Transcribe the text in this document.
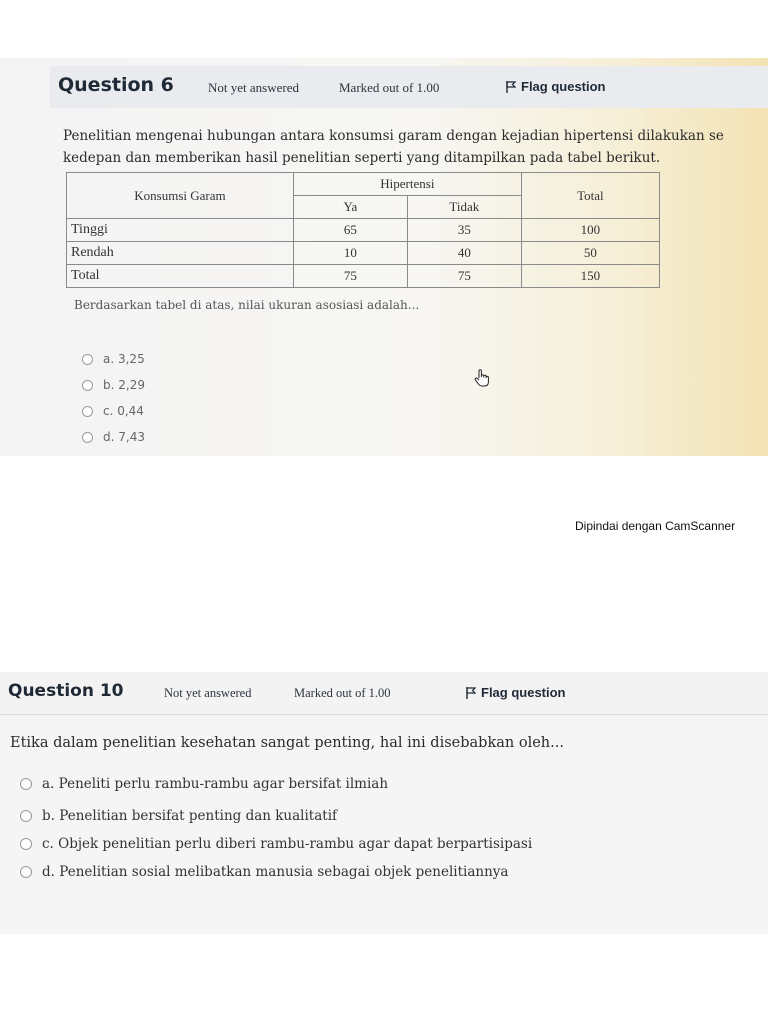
Question 6	Not yet answered	Marked out of 1.00	Flag question
Penelitian mengenai hubungan antara konsumsi garam dengan kejadian hipertensi dilakukan se
kedepan dan memberikan hasil penelitian seperti yang ditampilkan pada tabel berikut.
Konsumsi Garam	Hipertensi		Total
	Ya	Tidak	
Tinggi	65	35	100
Rendah	10	40	50
Total	75	75	150
Berdasarkan tabel di atas, nilai ukuran asosiasi adalah...
a. 3,25
b. 2,29
c. 0,44
d. 7,43
Dipindai dengan CamScanner
Question 10	Not yet answered	Marked out of 1.00	Flag question
Etika dalam penelitian kesehatan sangat penting, hal ini disebabkan oleh...
a. Peneliti perlu rambu-rambu agar bersifat ilmiah
b. Penelitian bersifat penting dan kualitatif
c. Objek penelitian perlu diberi rambu-rambu agar dapat berpartisipasi
d. Penelitian sosial melibatkan manusia sebagai objek penelitiannya
